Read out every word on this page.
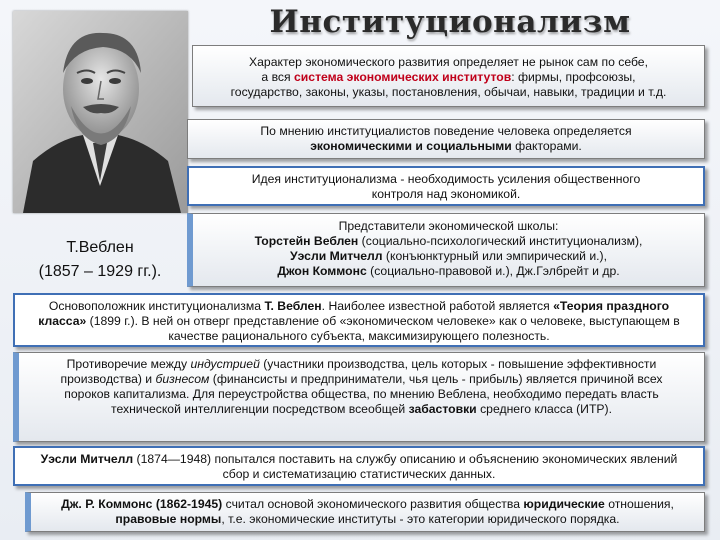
Институционализм
Т.Веблен
(1857 – 1929 гг.).
Характер экономического развития определяет не рынок сам по себе,
а вся система экономических институтов: фирмы, профсоюзы,
государство, законы, указы, постановления, обычаи, навыки, традиции и т.д.
По мнению институциалистов поведение человека определяется
экономическими и социальными факторами.
Идея институционализма - необходимость усиления общественного
контроля над экономикой.
Представители экономической школы:
Торстейн Веблен (социально-психологический институционализм),
Уэсли Митчелл (конъюнктурный или эмпирический и.),
Джон Коммонс (социально-правовой и.), Дж.Гэлбрейт и др.
Основоположник институционализма Т. Веблен. Наиболее известной работой является «Теория праздного класса» (1899 г.). В ней он отверг представление об «экономическом человеке» как о человеке, выступающем в качестве рационального субъекта, максимизирующего полезность.
Противоречие между индустрией (участники производства, цель которых - повышение эффективности производства) и бизнесом (финансисты и предприниматели, чья цель - прибыль) является причиной всех пороков капитализма. Для переустройства общества, по мнению Веблена, необходимо передать власть технической интеллигенции посредством всеобщей забастовки среднего класса (ИТР).
Уэсли Митчелл (1874—1948) попытался поставить на службу описанию и объяснению экономических явлений сбор и систематизацию статистических данных.
Дж. Р. Коммонс (1862-1945) считал основой экономического развития общества юридические отношения, правовые нормы, т.е. экономические институты - это категории юридического порядка.
